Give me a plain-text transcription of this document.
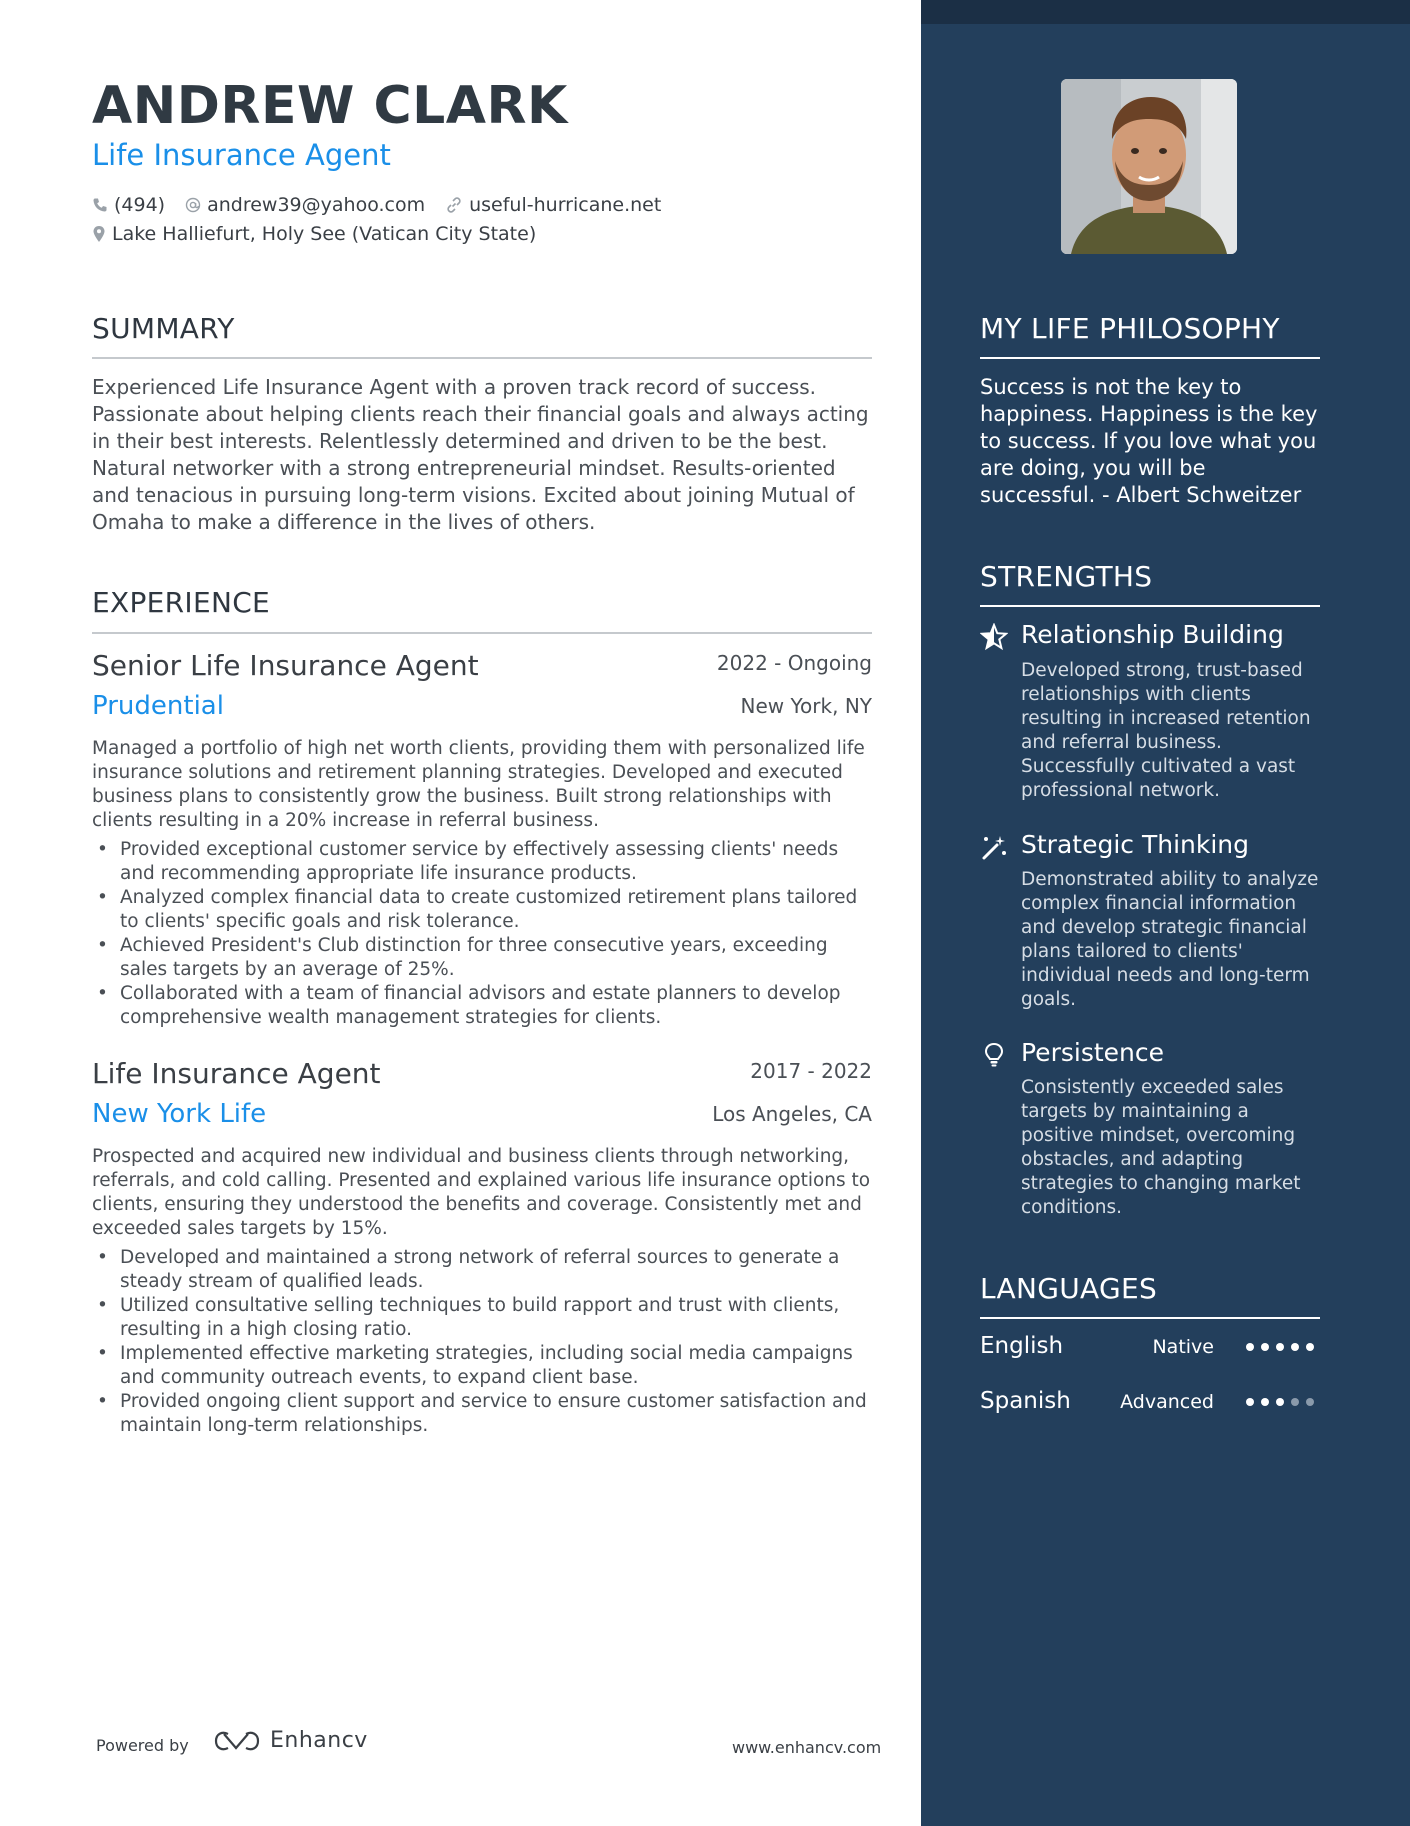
ANDREW CLARK
Life Insurance Agent
(494) andrew39@yahoo.com useful-hurricane.net
Lake Halliefurt, Holy See (Vatican City State)
SUMMARY
Experienced Life Insurance Agent with a proven track record of success. Passionate about helping clients reach their financial goals and always acting in their best interests. Relentlessly determined and driven to be the best. Natural networker with a strong entrepreneurial mindset. Results-oriented and tenacious in pursuing long-term visions. Excited about joining Mutual of Omaha to make a difference in the lives of others.
EXPERIENCE
Senior Life Insurance Agent	2022 - Ongoing
Prudential	New York, NY
Managed a portfolio of high net worth clients, providing them with personalized life insurance solutions and retirement planning strategies. Developed and executed business plans to consistently grow the business. Built strong relationships with clients resulting in a 20% increase in referral business.
• Provided exceptional customer service by effectively assessing clients' needs and recommending appropriate life insurance products.
• Analyzed complex financial data to create customized retirement plans tailored to clients' specific goals and risk tolerance.
• Achieved President's Club distinction for three consecutive years, exceeding sales targets by an average of 25%.
• Collaborated with a team of financial advisors and estate planners to develop comprehensive wealth management strategies for clients.
Life Insurance Agent	2017 - 2022
New York Life	Los Angeles, CA
Prospected and acquired new individual and business clients through networking, referrals, and cold calling. Presented and explained various life insurance options to clients, ensuring they understood the benefits and coverage. Consistently met and exceeded sales targets by 15%.
• Developed and maintained a strong network of referral sources to generate a steady stream of qualified leads.
• Utilized consultative selling techniques to build rapport and trust with clients, resulting in a high closing ratio.
• Implemented effective marketing strategies, including social media campaigns and community outreach events, to expand client base.
• Provided ongoing client support and service to ensure customer satisfaction and maintain long-term relationships.
Powered by	Enhancv	www.enhancv.com
MY LIFE PHILOSOPHY
Success is not the key to happiness. Happiness is the key to success. If you love what you are doing, you will be successful. - Albert Schweitzer
STRENGTHS
Relationship Building
Developed strong, trust-based relationships with clients resulting in increased retention and referral business. Successfully cultivated a vast professional network.
Strategic Thinking
Demonstrated ability to analyze complex financial information and develop strategic financial plans tailored to clients' individual needs and long-term goals.
Persistence
Consistently exceeded sales targets by maintaining a positive mindset, overcoming obstacles, and adapting strategies to changing market conditions.
LANGUAGES
English	Native
Spanish	Advanced
